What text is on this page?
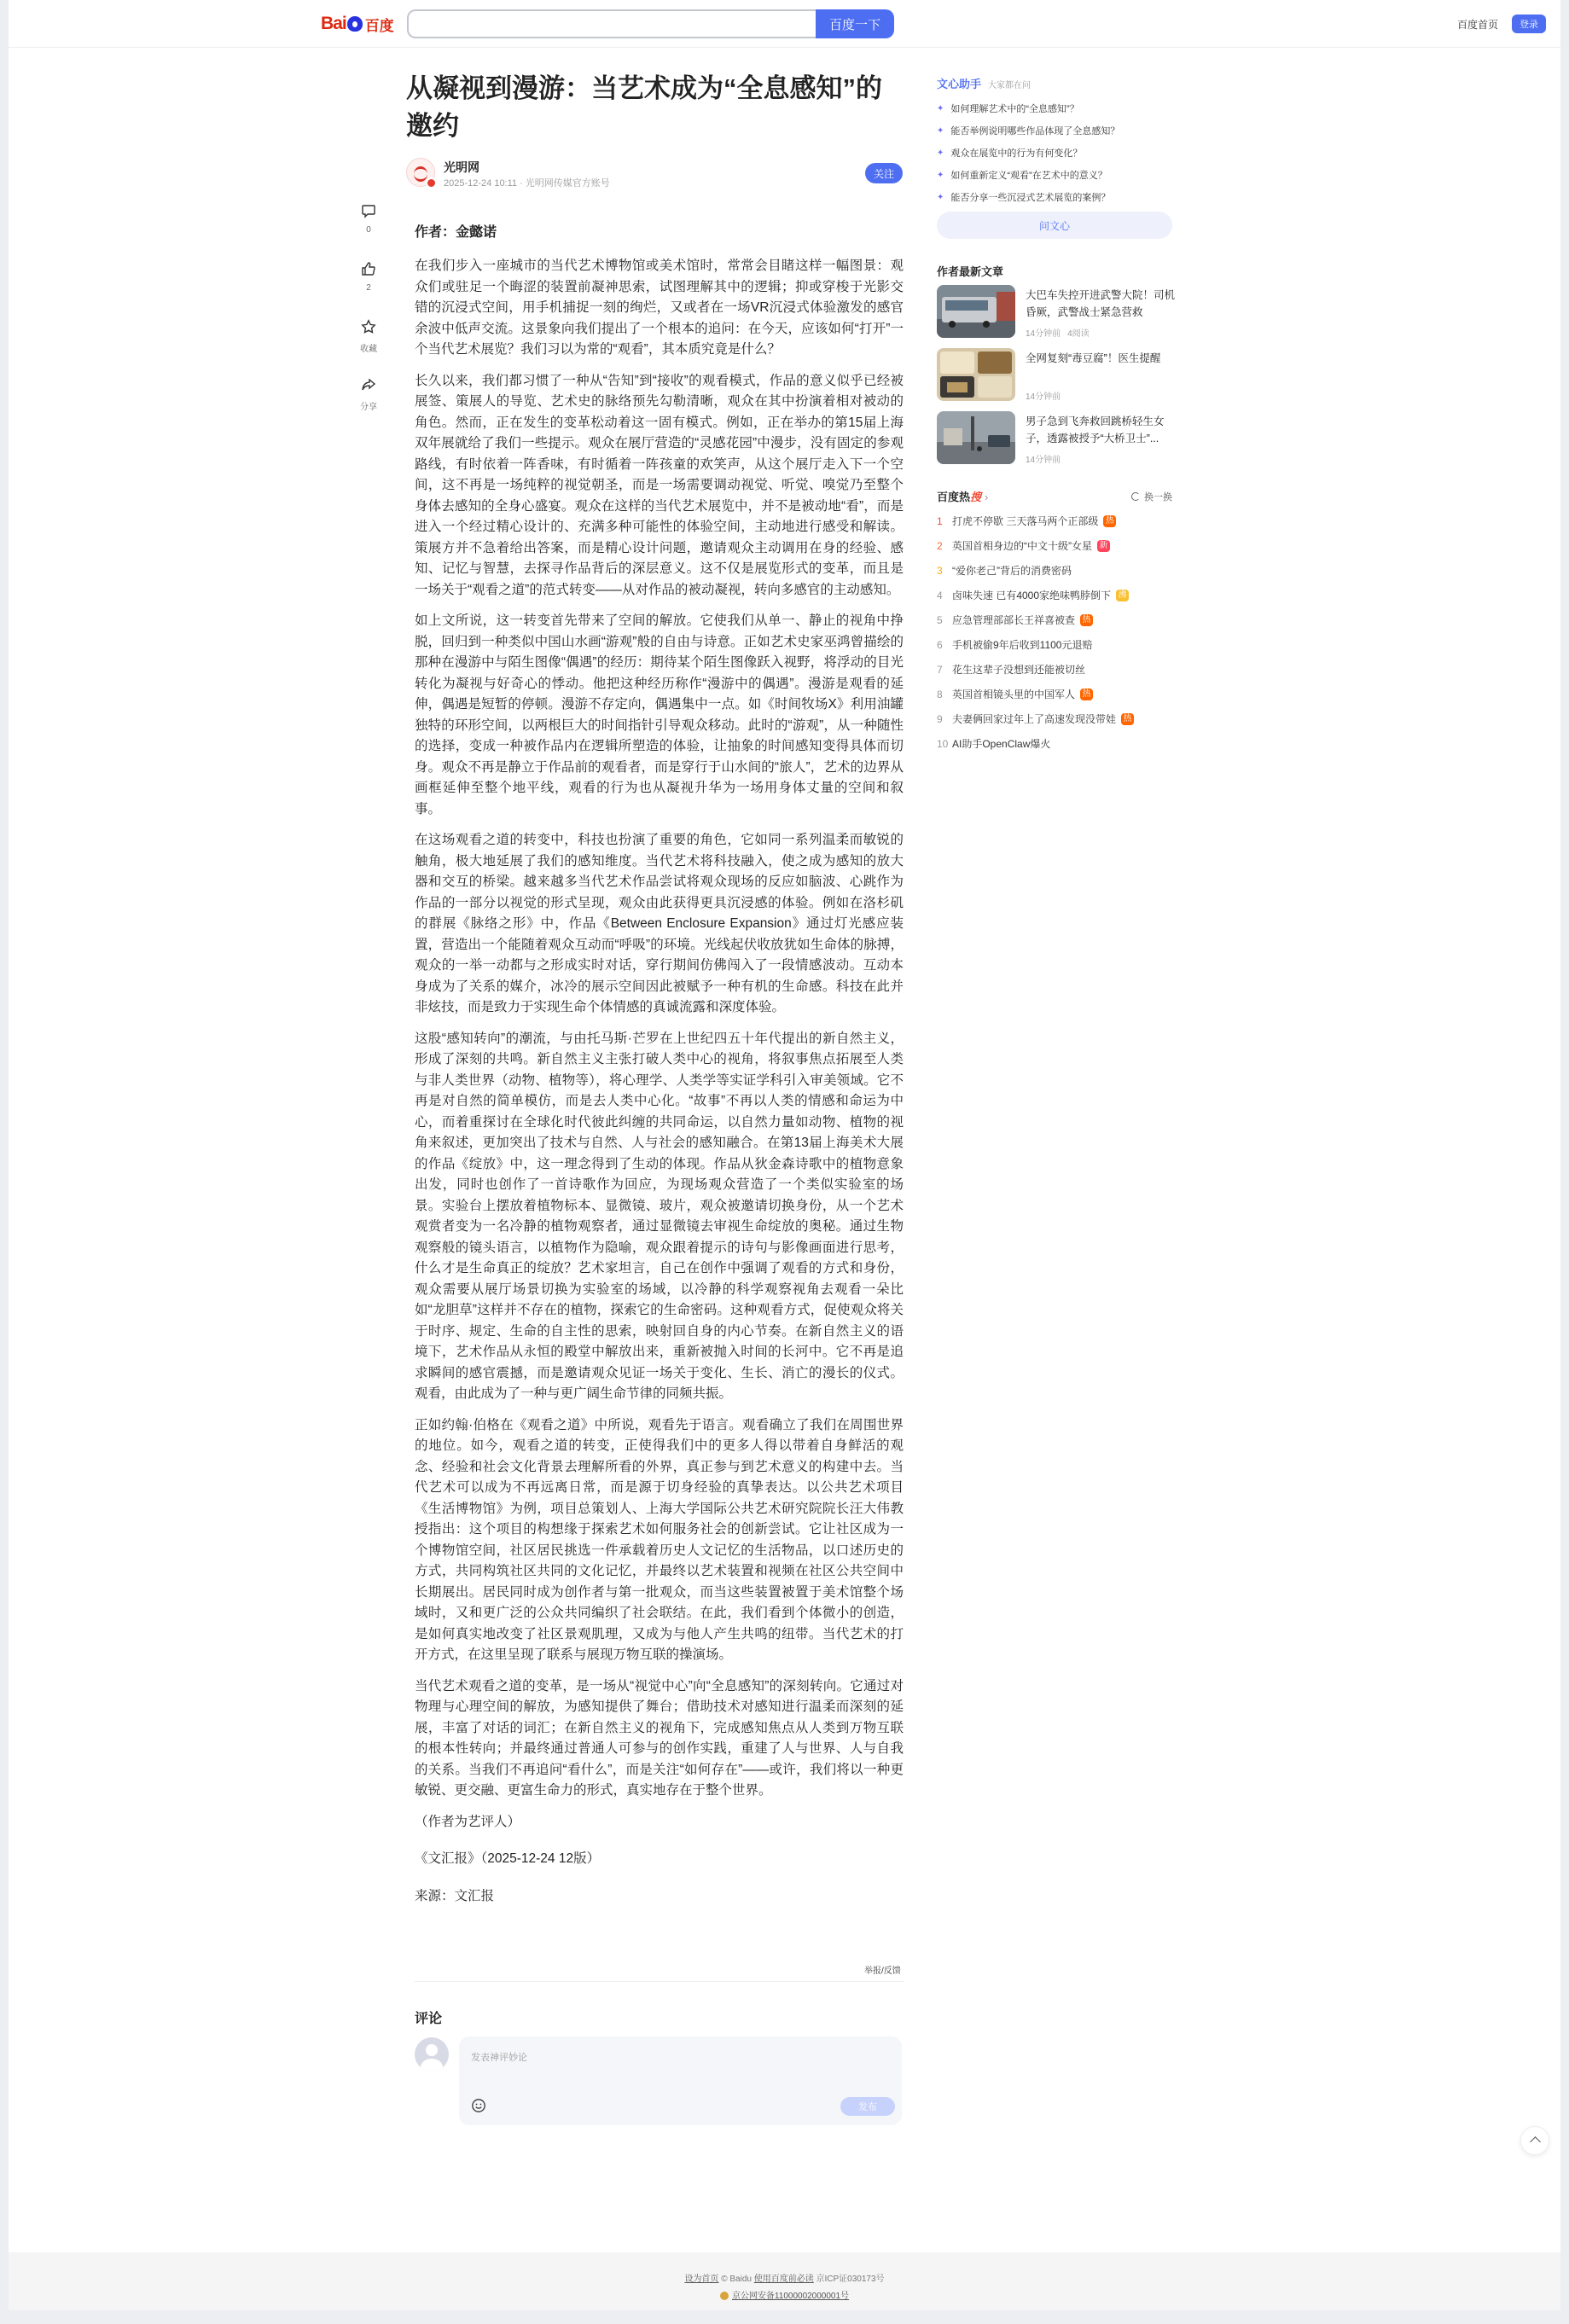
Bai 百度	百度一下	百度首页	登录
从凝视到漫游：当艺术成为“全息感知”的邀约
光明网
2025-12-24 10:11 · 光明网传媒官方账号
关注
0
2
收藏
分享
作者：金懿诺

在我们步入一座城市的当代艺术博物馆或美术馆时，常常会目睹这样一幅图景：观众们或驻足一个晦涩的装置前凝神思索，试图理解其中的逻辑；抑或穿梭于光影交错的沉浸式空间，用手机捕捉一刻的绚烂，又或者在一场VR沉浸式体验激发的感官余波中低声交流。这景象向我们提出了一个根本的追问：在今天，应该如何“打开”一个当代艺术展览？我们习以为常的“观看”，其本质究竟是什么？

长久以来，我们都习惯了一种从“告知”到“接收”的观看模式，作品的意义似乎已经被展签、策展人的导览、艺术史的脉络预先勾勒清晰，观众在其中扮演着相对被动的角色。然而，正在发生的变革松动着这一固有模式。例如，正在举办的第15届上海双年展就给了我们一些提示。观众在展厅营造的“灵感花园”中漫步，没有固定的参观路线，有时依着一阵香味，有时循着一阵孩童的欢笑声，从这个展厅走入下一个空间，这不再是一场纯粹的视觉朝圣，而是一场需要调动视觉、听觉、嗅觉乃至整个身体去感知的全身心盛宴。观众在这样的当代艺术展览中，并不是被动地“看”，而是进入一个经过精心设计的、充满多种可能性的体验空间，主动地进行感受和解读。策展方并不急着给出答案，而是精心设计问题，邀请观众主动调用在身的经验、感知、记忆与智慧，去探寻作品背后的深层意义。这不仅是展览形式的变革，而且是一场关于“观看之道”的范式转变——从对作品的被动凝视，转向多感官的主动感知。

如上文所说，这一转变首先带来了空间的解放。它使我们从单一、静止的视角中挣脱，回归到一种类似中国山水画“游观”般的自由与诗意。正如艺术史家巫鸿曾描绘的那种在漫游中与陌生图像“偶遇”的经历：期待某个陌生图像跃入视野，将浮动的目光转化为凝视与好奇心的悸动。他把这种经历称作“漫游中的偶遇”。漫游是观看的延伸，偶遇是短暂的停顿。漫游不存定向，偶遇集中一点。如《时间牧场X》利用油罐独特的环形空间，以两根巨大的时间指针引导观众移动。此时的“游观”，从一种随性的选择，变成一种被作品内在逻辑所塑造的体验，让抽象的时间感知变得具体而切身。观众不再是静立于作品前的观看者，而是穿行于山水间的“旅人”，艺术的边界从画框延伸至整个地平线，观看的行为也从凝视升华为一场用身体丈量的空间和叙事。

在这场观看之道的转变中，科技也扮演了重要的角色，它如同一系列温柔而敏锐的触角，极大地延展了我们的感知维度。当代艺术将科技融入，使之成为感知的放大器和交互的桥梁。越来越多当代艺术作品尝试将观众现场的反应如脑波、心跳作为作品的一部分以视觉的形式呈现，观众由此获得更具沉浸感的体验。例如在洛杉矶的群展《脉络之形》中，作品《Between Enclosure Expansion》通过灯光感应装置，营造出一个能随着观众互动而“呼吸”的环境。光线起伏收放犹如生命体的脉搏，观众的一举一动都与之形成实时对话，穿行期间仿佛闯入了一段情感波动。互动本身成为了关系的媒介，冰冷的展示空间因此被赋予一种有机的生命感。科技在此并非炫技，而是致力于实现生命个体情感的真诚流露和深度体验。

这股“感知转向”的潮流，与由托马斯·芒罗在上世纪四五十年代提出的新自然主义，形成了深刻的共鸣。新自然主义主张打破人类中心的视角，将叙事焦点拓展至人类与非人类世界（动物、植物等），将心理学、人类学等实证学科引入审美领域。它不再是对自然的简单模仿，而是去人类中心化。“故事”不再以人类的情感和命运为中心，而着重探讨在全球化时代彼此纠缠的共同命运，以自然力量如动物、植物的视角来叙述，更加突出了技术与自然、人与社会的感知融合。在第13届上海美术大展的作品《绽放》中，这一理念得到了生动的体现。作品从狄金森诗歌中的植物意象出发，同时也创作了一首诗歌作为回应，为现场观众营造了一个类似实验室的场景。实验台上摆放着植物标本、显微镜、玻片，观众被邀请切换身份，从一个艺术观赏者变为一名冷静的植物观察者，通过显微镜去审视生命绽放的奥秘。通过生物观察般的镜头语言，以植物作为隐喻，观众跟着提示的诗句与影像画面进行思考，什么才是生命真正的绽放？艺术家坦言，自己在创作中强调了观看的方式和身份，观众需要从展厅场景切换为实验室的场域，以冷静的科学观察视角去观看一朵比如“龙胆草”这样并不存在的植物，探索它的生命密码。这种观看方式，促使观众将关于时序、规定、生命的自主性的思索，映射回自身的内心节奏。在新自然主义的语境下，艺术作品从永恒的殿堂中解放出来，重新被抛入时间的长河中。它不再是追求瞬间的感官震撼，而是邀请观众见证一场关于变化、生长、消亡的漫长的仪式。观看，由此成为了一种与更广阔生命节律的同频共振。

正如约翰·伯格在《观看之道》中所说，观看先于语言。观看确立了我们在周围世界的地位。如今，观看之道的转变，正使得我们中的更多人得以带着自身鲜活的观念、经验和社会文化背景去理解所看的外界，真正参与到艺术意义的构建中去。当代艺术可以成为不再远离日常，而是源于切身经验的真挚表达。以公共艺术项目《生活博物馆》为例，项目总策划人、上海大学国际公共艺术研究院院长汪大伟教授指出：这个项目的构想缘于探索艺术如何服务社会的创新尝试。它让社区成为一个博物馆空间，社区居民挑选一件承载着历史人文记忆的生活物品，以口述历史的方式，共同构筑社区共同的文化记忆，并最终以艺术装置和视频在社区公共空间中长期展出。居民同时成为创作者与第一批观众，而当这些装置被置于美术馆整个场域时，又和更广泛的公众共同编织了社会联结。在此，我们看到个体微小的创造，是如何真实地改变了社区景观肌理，又成为与他人产生共鸣的纽带。当代艺术的打开方式，在这里呈现了联系与展现万物互联的操演场。

当代艺术观看之道的变革，是一场从“视觉中心”向“全息感知”的深刻转向。它通过对物理与心理空间的解放，为感知提供了舞台；借助技术对感知进行温柔而深刻的延展，丰富了对话的词汇；在新自然主义的视角下，完成感知焦点从人类到万物互联的根本性转向；并最终通过普通人可参与的创作实践，重建了人与世界、人与自我的关系。当我们不再追问“看什么”，而是关注“如何存在”——或许，我们将以一种更敏锐、更交融、更富生命力的形式，真实地存在于整个世界。

（作者为艺评人）

《文汇报》（2025-12-24 12版）

来源：文汇报

举报/反馈
评论
发表神评妙论
发布
文心助手 大家都在问
✦ 如何理解艺术中的“全息感知”？
✦ 能否举例说明哪些作品体现了全息感知？
✦ 观众在展览中的行为有何变化？
✦ 如何重新定义“观看”在艺术中的意义？
✦ 能否分享一些沉浸式艺术展览的案例？
问文心
作者最新文章
大巴车失控开进武警大院！司机昏厥，武警战士紧急营救
14分钟前 4阅读
全网复刻“毒豆腐”！医生提醒
14分钟前
男子急到飞奔救回跳桥轻生女子，透露被授予“大桥卫士”...
14分钟前
百度热搜 ›	换一换
1 打虎不停歇 三天落马两个正部级 热
2 英国首相身边的“中文十级”女星 新
3 “爱你老己”背后的消费密码
4 卤味失速 已有4000家绝味鸭脖倒下 沸
5 应急管理部部长王祥喜被查 热
6 手机被偷9年后收到1100元退赔
7 花生这辈子没想到还能被切丝
8 英国首相镜头里的中国军人 热
9 夫妻俩回家过年上了高速发现没带娃 热
10 AI助手OpenClaw爆火
设为首页 © Baidu 使用百度前必读 京ICP证030173号
京公网安备11000002000001号
